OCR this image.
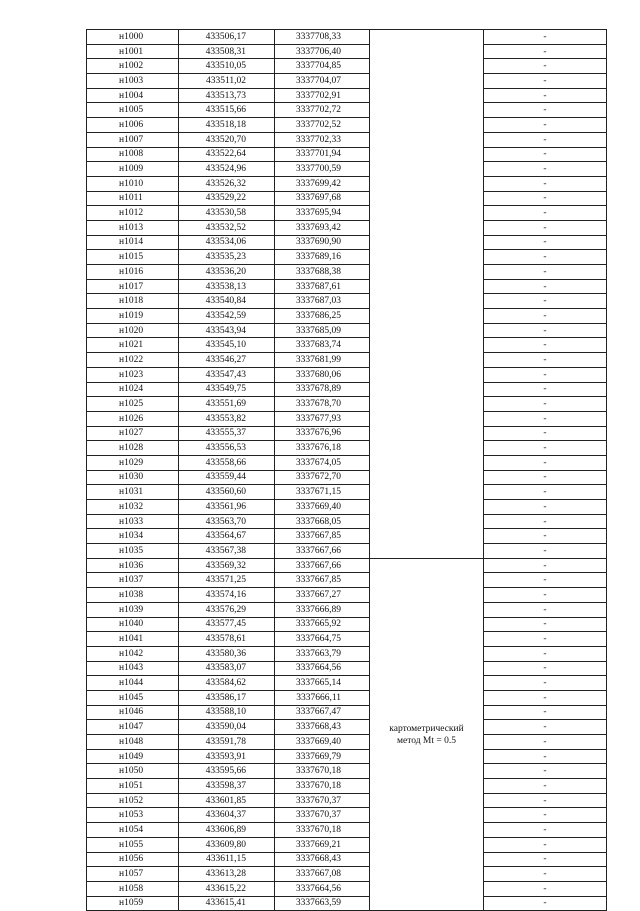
н1000	433506,17	3337708,33		-
н1001	433508,31	3337706,40		-
н1002	433510,05	3337704,85		-
н1003	433511,02	3337704,07		-
н1004	433513,73	3337702,91		-
н1005	433515,66	3337702,72		-
н1006	433518,18	3337702,52		-
н1007	433520,70	3337702,33		-
н1008	433522,64	3337701,94		-
н1009	433524,96	3337700,59		-
н1010	433526,32	3337699,42		-
н1011	433529,22	3337697,68		-
н1012	433530,58	3337695,94		-
н1013	433532,52	3337693,42		-
н1014	433534,06	3337690,90		-
н1015	433535,23	3337689,16		-
н1016	433536,20	3337688,38		-
н1017	433538,13	3337687,61		-
н1018	433540,84	3337687,03		-
н1019	433542,59	3337686,25		-
н1020	433543,94	3337685,09		-
н1021	433545,10	3337683,74		-
н1022	433546,27	3337681,99		-
н1023	433547,43	3337680,06		-
н1024	433549,75	3337678,89		-
н1025	433551,69	3337678,70		-
н1026	433553,82	3337677,93		-
н1027	433555,37	3337676,96		-
н1028	433556,53	3337676,18		-
н1029	433558,66	3337674,05		-
н1030	433559,44	3337672,70		-
н1031	433560,60	3337671,15		-
н1032	433561,96	3337669,40		-
н1033	433563,70	3337668,05		-
н1034	433564,67	3337667,85		-
н1035	433567,38	3337667,66		-
н1036	433569,32	3337667,66	картометрический
метод Mt = 0.5	-
н1037	433571,25	3337667,85		-
н1038	433574,16	3337667,27		-
н1039	433576,29	3337666,89		-
н1040	433577,45	3337665,92		-
н1041	433578,61	3337664,75		-
н1042	433580,36	3337663,79		-
н1043	433583,07	3337664,56		-
н1044	433584,62	3337665,14		-
н1045	433586,17	3337666,11		-
н1046	433588,10	3337667,47		-
н1047	433590,04	3337668,43		-
н1048	433591,78	3337669,40		-
н1049	433593,91	3337669,79		-
н1050	433595,66	3337670,18		-
н1051	433598,37	3337670,18		-
н1052	433601,85	3337670,37		-
н1053	433604,37	3337670,37		-
н1054	433606,89	3337670,18		-
н1055	433609,80	3337669,21		-
н1056	433611,15	3337668,43		-
н1057	433613,28	3337667,08		-
н1058	433615,22	3337664,56		-
н1059	433615,41	3337663,59		-
